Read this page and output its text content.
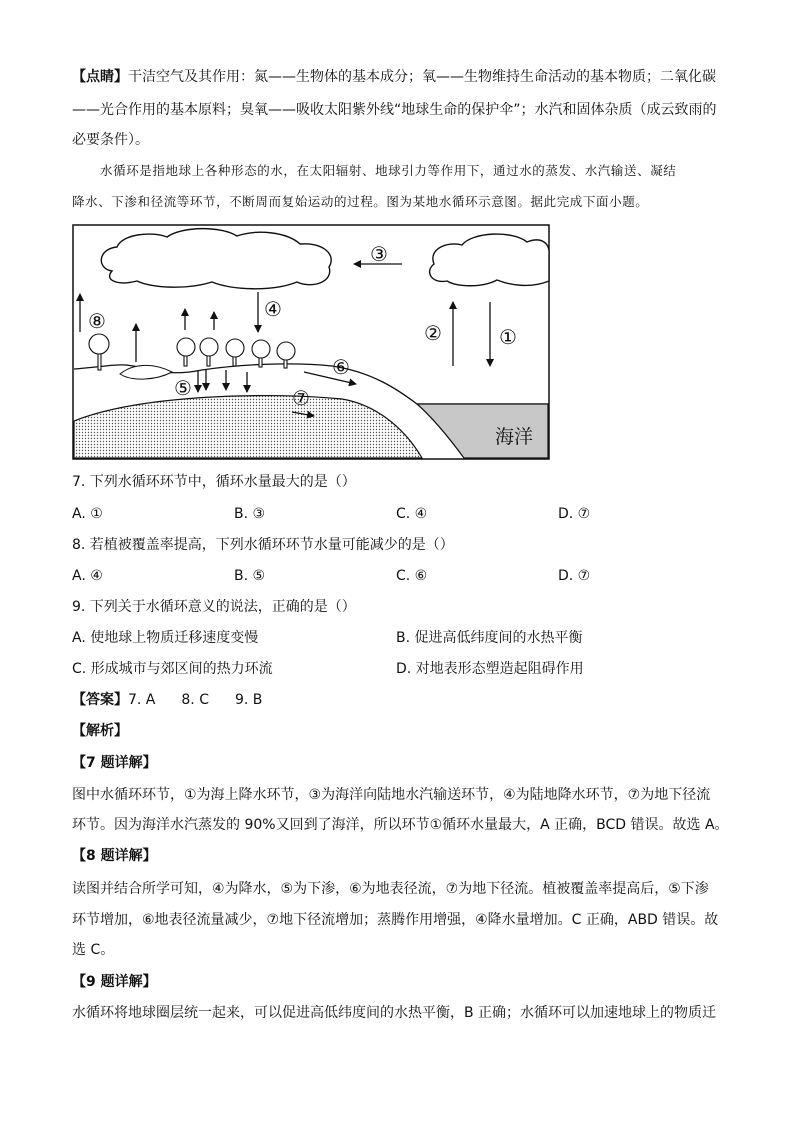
【点睛】干洁空气及其作用：氮——生物体的基本成分；氧——生物维持生命活动的基本物质；二氧化碳
——光合作用的基本原料；臭氧——吸收太阳紫外线“地球生命的保护伞”；水汽和固体杂质（成云致雨的
必要条件）。
水循环是指地球上各种形态的水，在太阳辐射、地球引力等作用下，通过水的蒸发、水汽输送、凝结
降水、下渗和径流等环节，不断周而复始运动的过程。图为某地水循环示意图。据此完成下面小题。
海洋
①
②
③
④
⑤
⑥
⑦
⑧
7. 下列水循环环节中，循环水量最大的是（）
A. ①	B. ③	C. ④	D. ⑦
8. 若植被覆盖率提高，下列水循环环节水量可能减少的是（）
A. ④	B. ⑤	C. ⑥	D. ⑦
9. 下列关于水循环意义的说法，正确的是（）
A. 使地球上物质迁移速度变慢	B. 促进高低纬度间的水热平衡
C. 形成城市与郊区间的热力环流	D. 对地表形态塑造起阻碍作用
【答案】7. A 8. C 9. B
【解析】
【7 题详解】
图中水循环环节，①为海上降水环节，③为海洋向陆地水汽输送环节，④为陆地降水环节，⑦为地下径流
环节。因为海洋水汽蒸发的 90%又回到了海洋，所以环节①循环水量最大，A 正确，BCD 错误。故选 A。
【8 题详解】
读图并结合所学可知，④为降水，⑤为下渗，⑥为地表径流，⑦为地下径流。植被覆盖率提高后，⑤下渗
环节增加，⑥地表径流量减少，⑦地下径流增加；蒸腾作用增强，④降水量增加。C 正确，ABD 错误。故
选 C。
【9 题详解】
水循环将地球圈层统一起来，可以促进高低纬度间的水热平衡，B 正确；水循环可以加速地球上的物质迁
